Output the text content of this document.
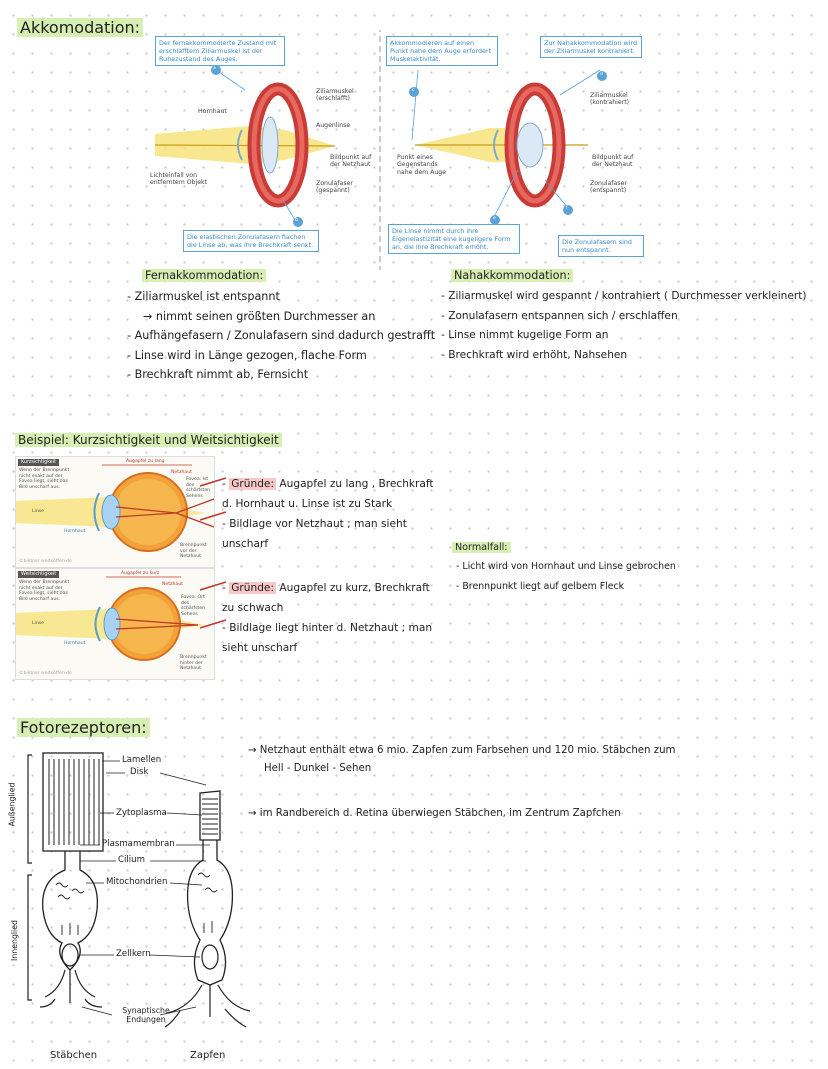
Akkomodation:
a
b
c
d
e
f
Der fernakkommodierte Zustand mit erschlafftem Ziliarmuskel ist der Ruhezustand des Auges.
Die elastischen Zonulafasern flachen die Linse ab, was ihre Brechkraft senkt.
Akkommodieren auf einen Punkt nahe dem Auge erfordert Muskelaktivität.
Zur Nahakkommodation wird der Ziliarmuskel kontrahiert.
Die Linse nimmt durch ihre Eigenelastizität eine kugeligere Form an, die ihre Brechkraft erhöht.
Die Zonulafasern sind nun entspannt.
Hornhaut
Lichteinfall von entferntem Objekt
Ziliarmuskel (erschlafft)
Augenlinse
Bildpunkt auf der Netzhaut
Zonulafaser (gespannt)
Punkt eines Gegenstands nahe dem Auge
Ziliarmuskel (kontrahiert)
Bildpunkt auf der Netzhaut
Zonulafaser (entspannt)
Fernakkommodation:
- Ziliarmuskel ist entspannt
→ nimmt seinen größten Durchmesser an
- Aufhängefasern / Zonulafasern sind dadurch gestrafft
- Linse wird in Länge gezogen, flache Form
- Brechkraft nimmt ab, Fernsicht
Nahakkommodation:
- Ziliarmuskel wird gespannt / kontrahiert ( Durchmesser verkleinert)
- Zonulafasern entspannen sich / erschlaffen
- Linse nimmt kugelige Form an
- Brechkraft wird erhöht, Nahsehen
Beispiel: Kurzsichtigkeit und Weitsichtigkeit
Kurzsichtigkeit
Wenn der Brennpunkt nicht exakt auf der Fovea liegt, sieht das Bild unscharf aus.
Augapfel zu lang
Netzhaut
Fovea: Ist des schärfsten Sehens
Linse
Hornhaut
Brennpunkt vor der Netzhaut
©bildner-weitsöffen.de
Weitsichtigkeit
Wenn der Brennpunkt nicht exakt auf der Fovea liegt, sieht das Bild unscharf aus.
Augapfel zu kurz
Netzhaut
Fovea: Ort des schärfsten Sehens
Linse
Hornhaut
Brennpunkt hinter der Netzhaut
©bildner-weitsöffen.de
- Gründe: Augapfel zu lang , Brechkraft
d. Hornhaut u. Linse ist zu Stark
- Bildlage vor Netzhaut ; man sieht
unscharf
- Gründe: Augapfel zu kurz, Brechkraft
zu schwach
- Bildlage liegt hinter d. Netzhaut ; man
sieht unscharf
Normalfall:
- Licht wird von Hornhaut und Linse gebrochen
- Brennpunkt liegt auf gelbem Fleck
Fotorezeptoren:
Lamellen
Disk
Zytoplasma
Plasmamembran
Cilium
Mitochondrien
Zellkern
Synaptische Endungen
Außenglied
Innenglied
Stäbchen	Zapfen
→ Netzhaut enthält etwa 6 mio. Zapfen zum Farbsehen und 120 mio. Stäbchen zum
Hell - Dunkel - Sehen
→ im Randbereich d. Retina überwiegen Stäbchen, im Zentrum Zapfchen
